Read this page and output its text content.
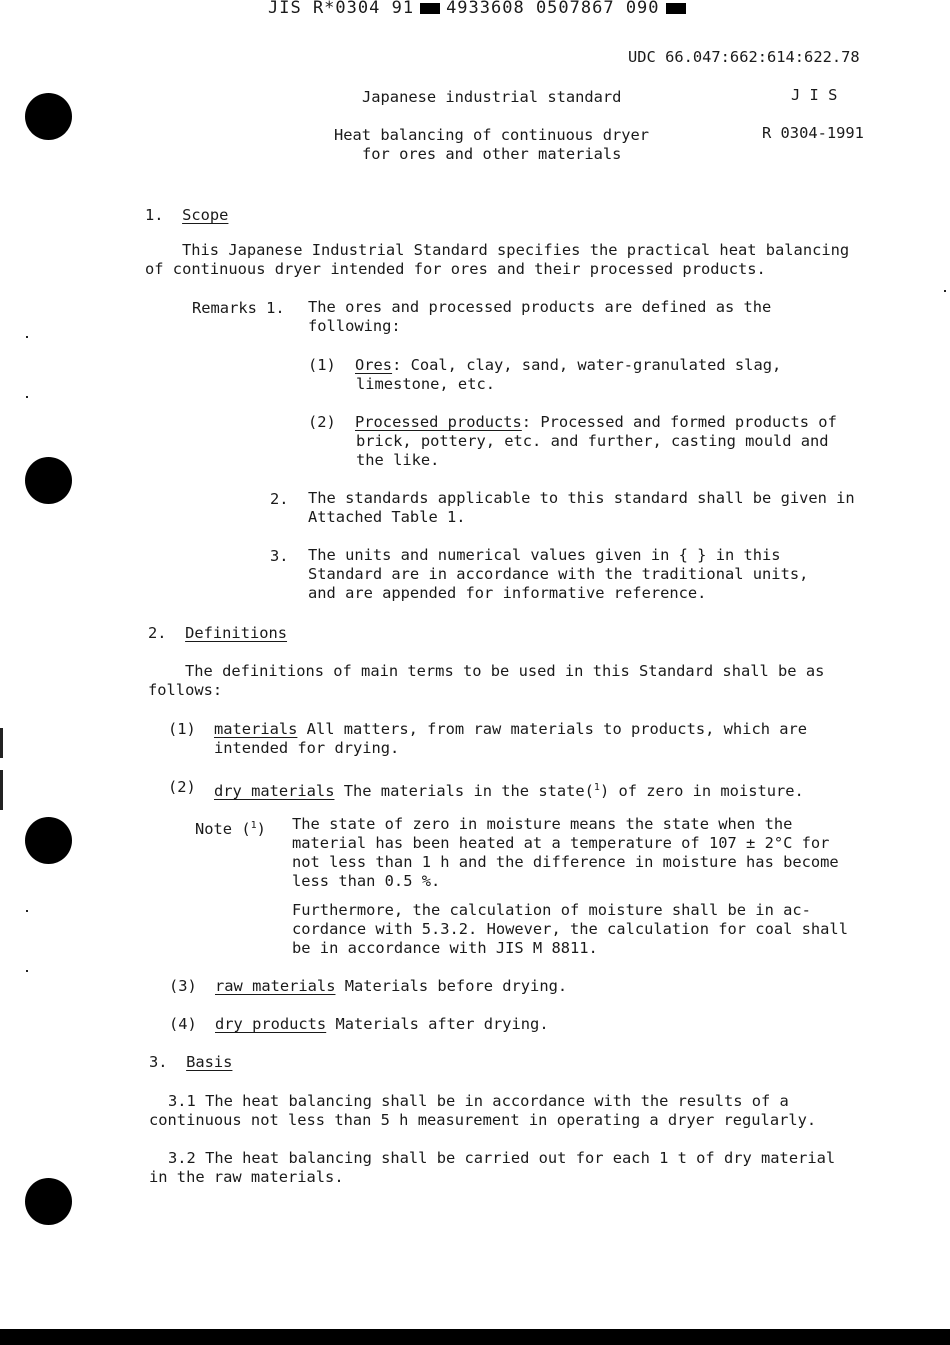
JIS R*0304 91 4933608 0507867 090
UDC 66.047:662:614:622.78
Japanese industrial standard	J I S
Heat balancing of continuous dryer
for ores and other materials
R 0304-1991
1. Scope
This Japanese Industrial Standard specifies the practical heat balancing
of continuous dryer intended for ores and their processed products.
Remarks 1. The ores and processed products are defined as the
following:
(1) Ores: Coal, clay, sand, water-granulated slag,
limestone, etc.
(2) Processed products: Processed and formed products of
brick, pottery, etc. and further, casting mould and
the like.
2. The standards applicable to this standard shall be given in
Attached Table 1.
3. The units and numerical values given in { } in this
Standard are in accordance with the traditional units,
and are appended for informative reference.
2. Definitions
The definitions of main terms to be used in this Standard shall be as
follows:
(1) materials All matters, from raw materials to products, which are
intended for drying.
(2) dry materials The materials in the state($^1$) of zero in moisture.
Note ($^1$) The state of zero in moisture means the state when the
material has been heated at a temperature of 107 ± 2°C for
not less than 1 h and the difference in moisture has become
less than 0.5 %.
Furthermore, the calculation of moisture shall be in ac-
cordance with 5.3.2. However, the calculation for coal shall
be in accordance with JIS M 8811.
(3) raw materials Materials before drying.
(4) dry products Materials after drying.
3. Basis
3.1 The heat balancing shall be in accordance with the results of a
continuous not less than 5 h measurement in operating a dryer regularly.
3.2 The heat balancing shall be carried out for each 1 t of dry material
in the raw materials.
